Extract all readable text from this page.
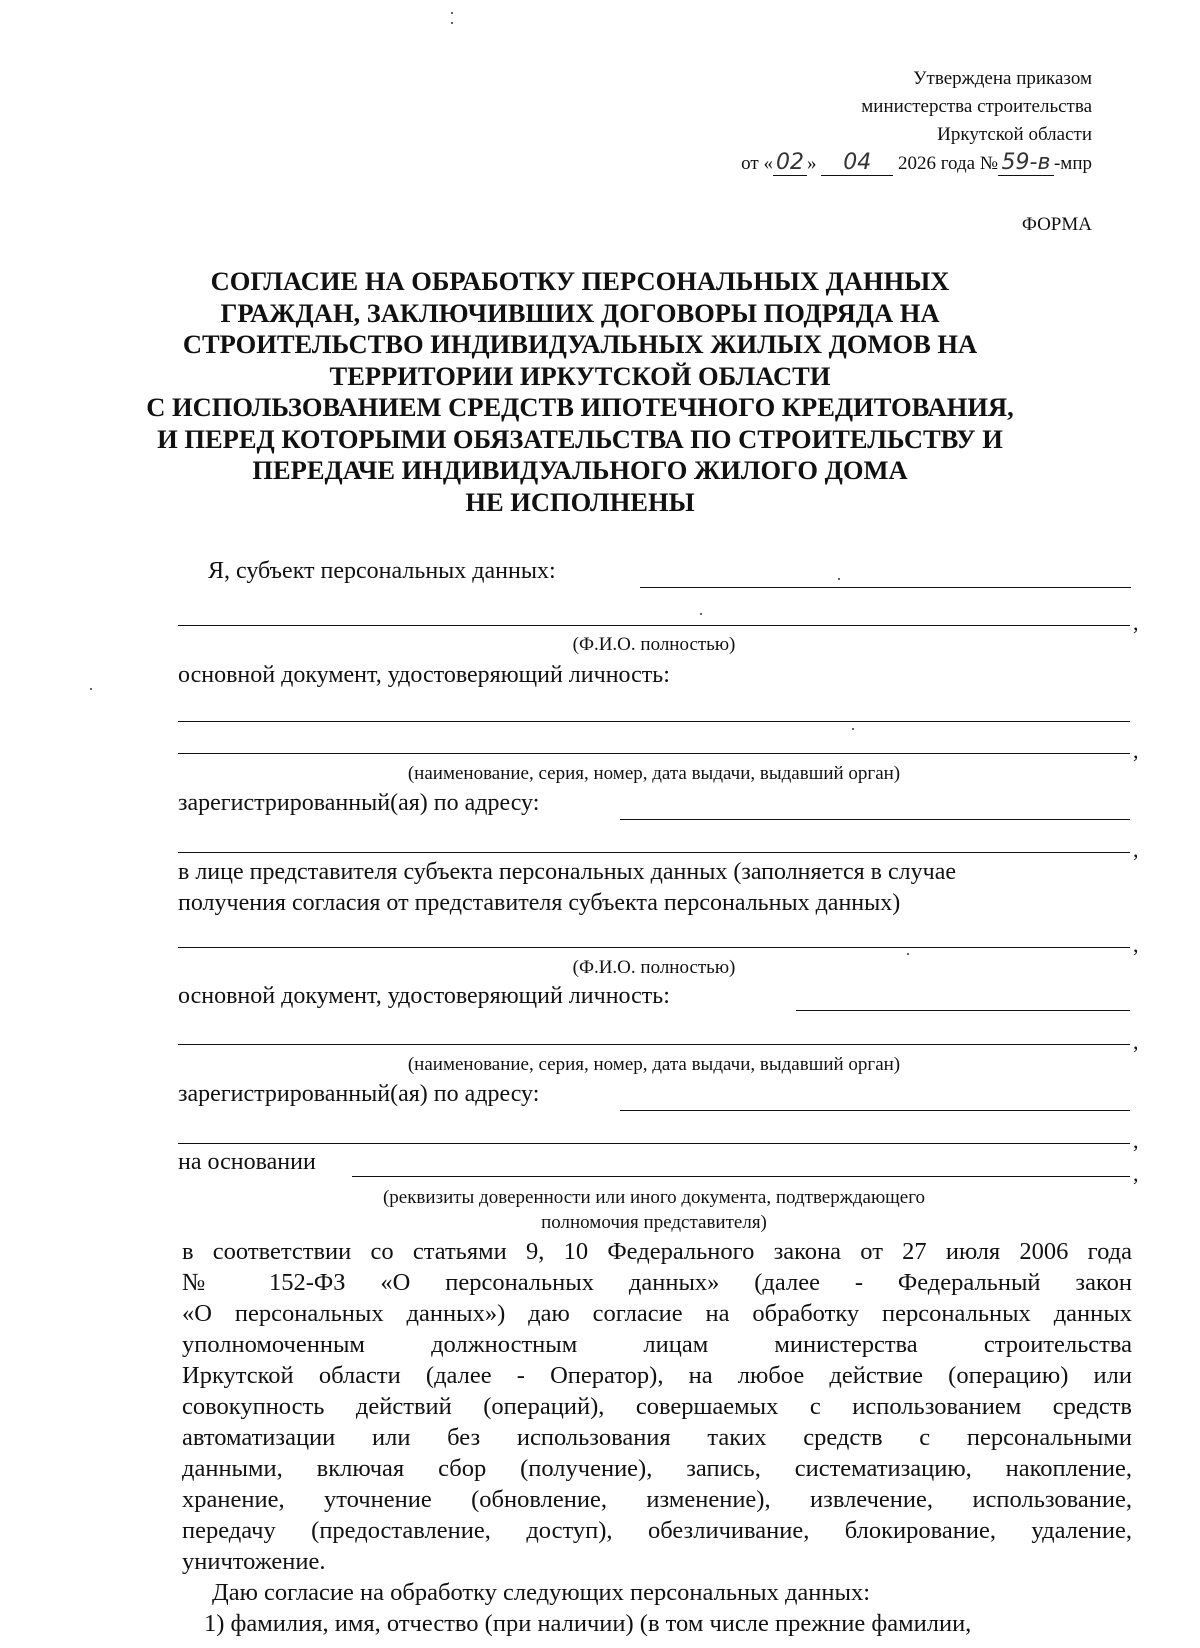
Утверждена приказом
министерства строительства
Иркутской области
от « 02 » 04 2026 года № 59-в -мпр
ФОРМА
СОГЛАСИЕ НА ОБРАБОТКУ ПЕРСОНАЛЬНЫХ ДАННЫХ
ГРАЖДАН, ЗАКЛЮЧИВШИХ ДОГОВОРЫ ПОДРЯДА НА
СТРОИТЕЛЬСТВО ИНДИВИДУАЛЬНЫХ ЖИЛЫХ ДОМОВ НА
ТЕРРИТОРИИ ИРКУТСКОЙ ОБЛАСТИ
С ИСПОЛЬЗОВАНИЕМ СРЕДСТВ ИПОТЕЧНОГО КРЕДИТОВАНИЯ,
И ПЕРЕД КОТОРЫМИ ОБЯЗАТЕЛЬСТВА ПО СТРОИТЕЛЬСТВУ И
ПЕРЕДАЧЕ ИНДИВИДУАЛЬНОГО ЖИЛОГО ДОМА
НЕ ИСПОЛНЕНЫ
Я, субъект персональных данных:
,
(Ф.И.О. полностью)
основной документ, удостоверяющий личность:
,
(наименование, серия, номер, дата выдачи, выдавший орган)
зарегистрированный(ая) по адресу:
,
в лице представителя субъекта персональных данных (заполняется в случае
получения согласия от представителя субъекта персональных данных)
,
(Ф.И.О. полностью)
основной документ, удостоверяющий личность:
,
(наименование, серия, номер, дата выдачи, выдавший орган)
зарегистрированный(ая) по адресу:
,
на основании	,
(реквизиты доверенности или иного документа, подтверждающего
полномочия представителя)
в соответствии со статьями 9, 10 Федерального закона от 27 июля 2006 года
№ 152-ФЗ «О персональных данных» (далее - Федеральный закон
«О персональных данных») даю согласие на обработку персональных данных
уполномоченным должностным лицам министерства строительства
Иркутской области (далее - Оператор), на любое действие (операцию) или
совокупность действий (операций), совершаемых с использованием средств
автоматизации или без использования таких средств с персональными
данными, включая сбор (получение), запись, систематизацию, накопление,
хранение, уточнение (обновление, изменение), извлечение, использование,
передачу (предоставление, доступ), обезличивание, блокирование, удаление,
уничтожение.
Даю согласие на обработку следующих персональных данных:
1) фамилия, имя, отчество (при наличии) (в том числе прежние фамилии,
